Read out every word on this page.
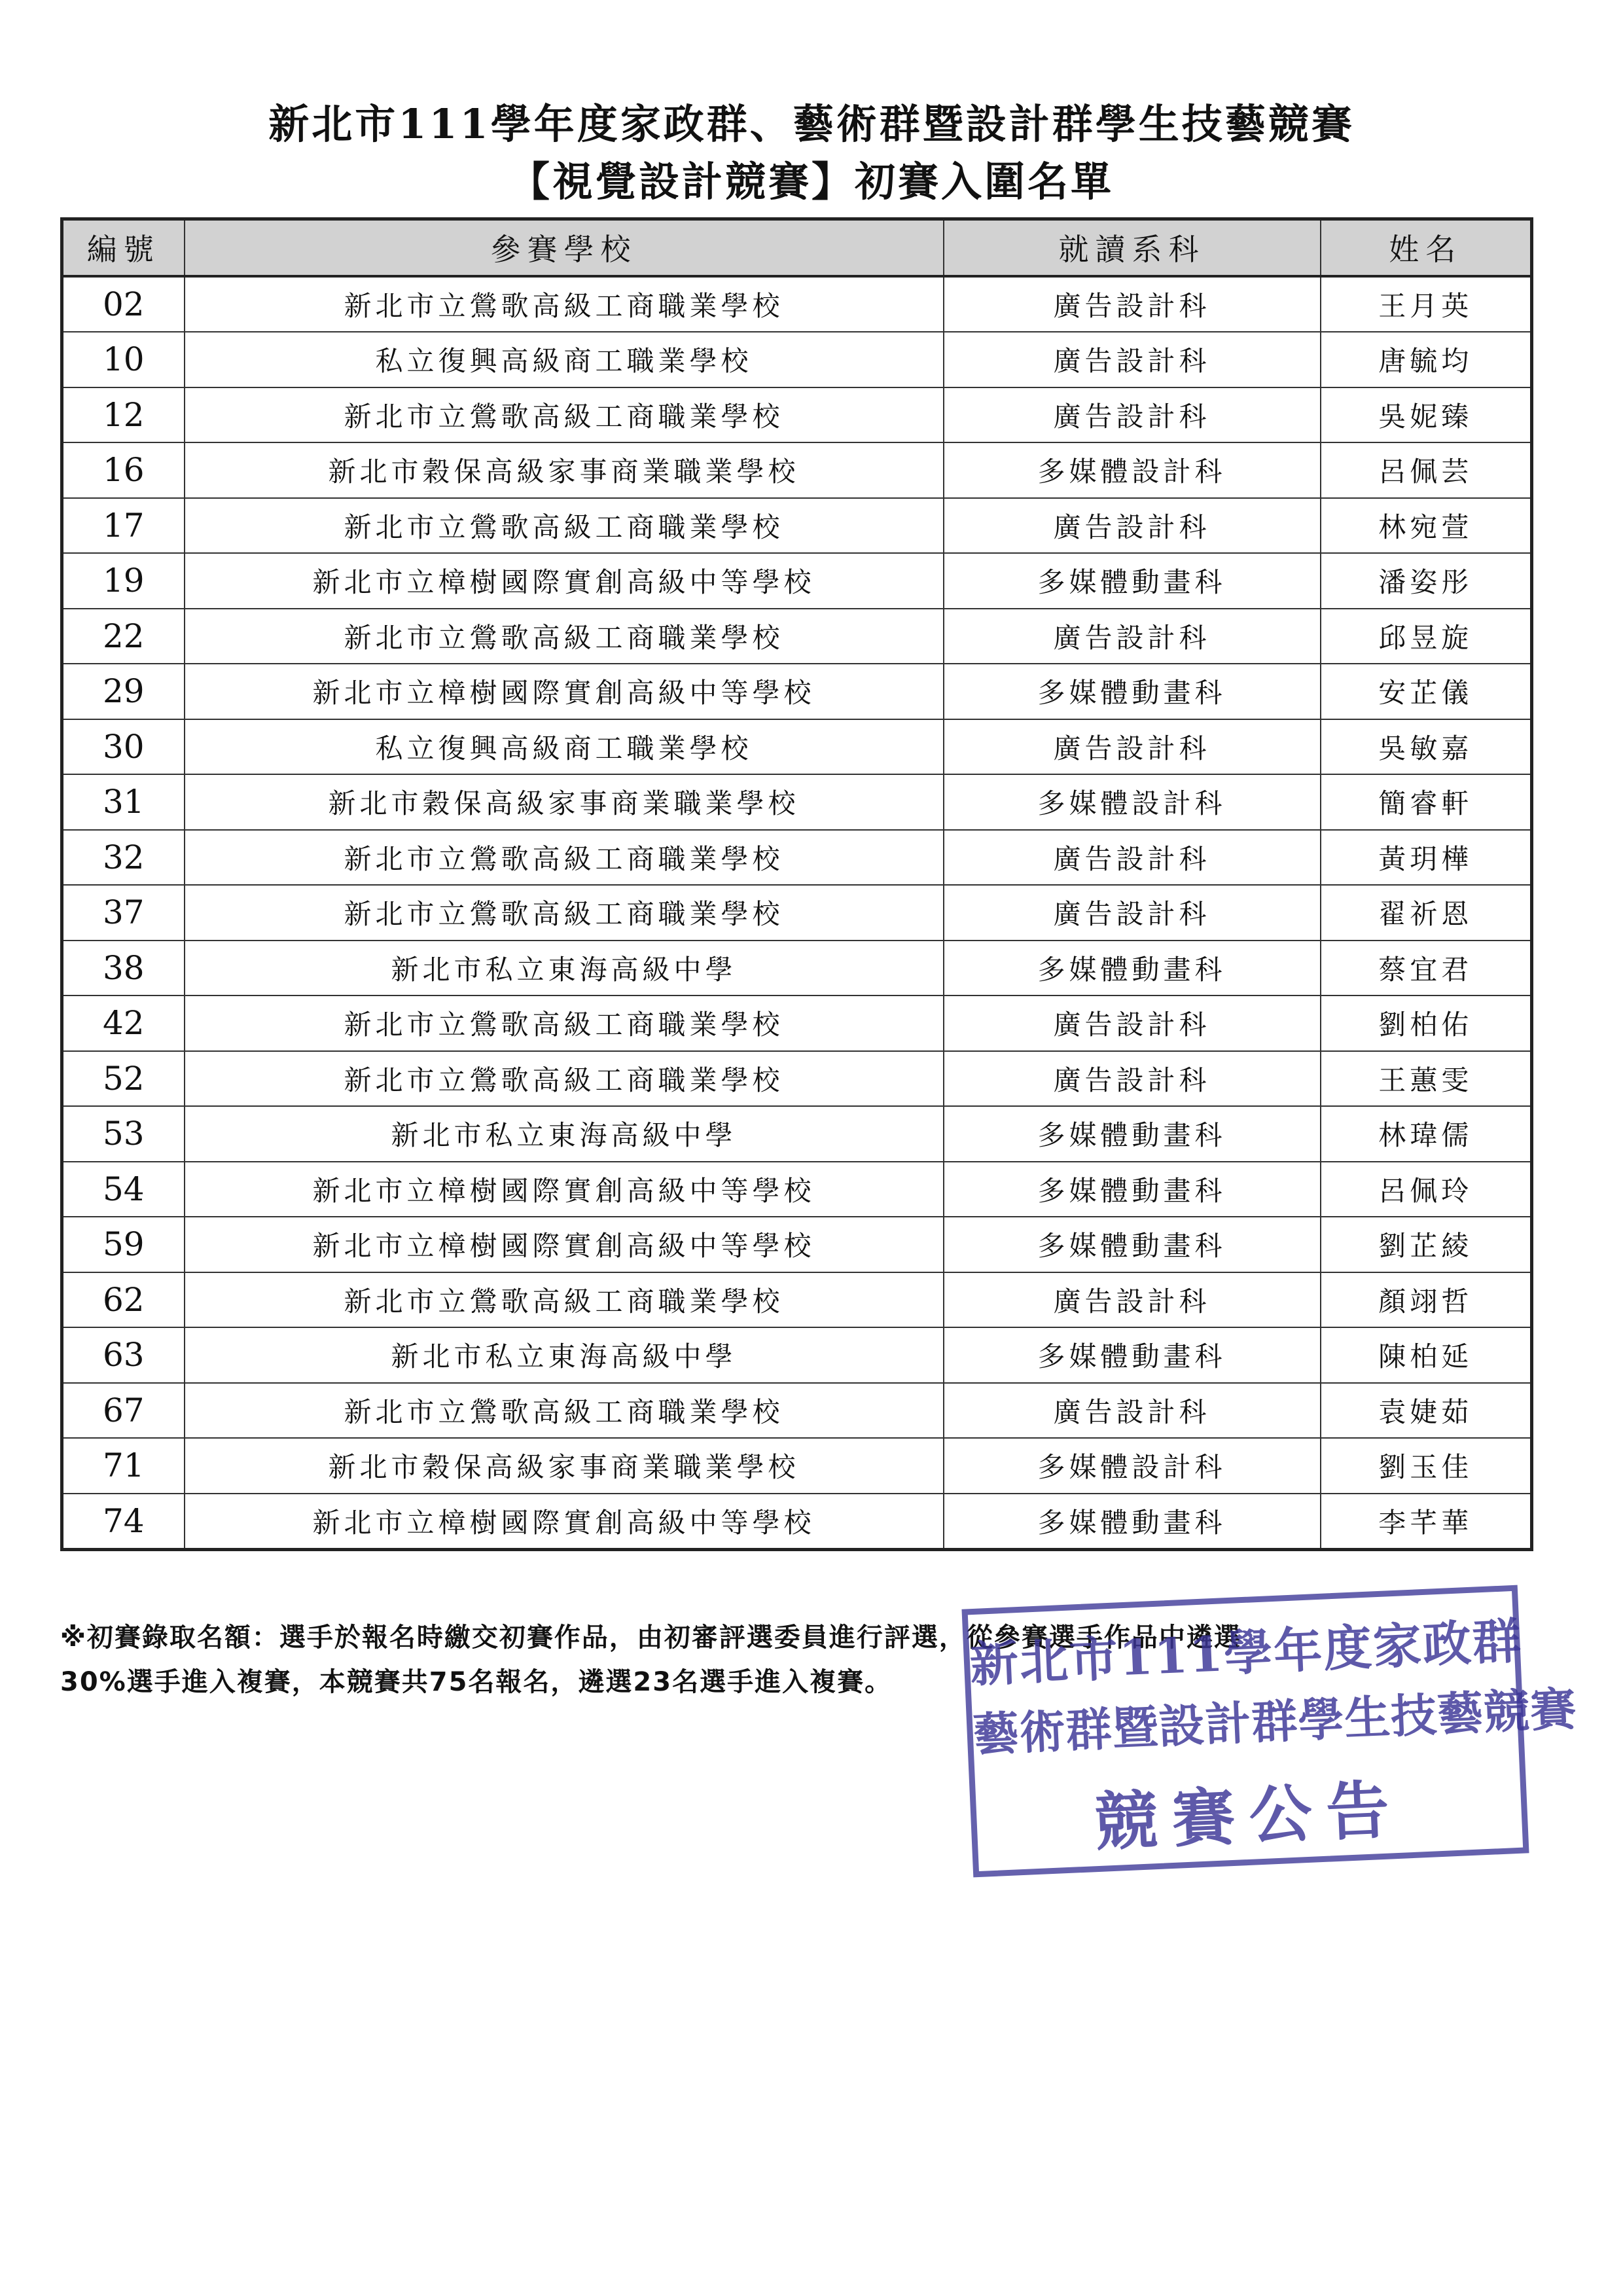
新北市111學年度家政群、藝術群暨設計群學生技藝競賽
【視覺設計競賽】初賽入圍名單
編號	參賽學校	就讀系科	姓名
02	新北市立鶯歌高級工商職業學校	廣告設計科	王月英
10	私立復興高級商工職業學校	廣告設計科	唐毓均
12	新北市立鶯歌高級工商職業學校	廣告設計科	吳妮臻
16	新北市穀保高級家事商業職業學校	多媒體設計科	呂佩芸
17	新北市立鶯歌高級工商職業學校	廣告設計科	林宛萱
19	新北市立樟樹國際實創高級中等學校	多媒體動畫科	潘姿彤
22	新北市立鶯歌高級工商職業學校	廣告設計科	邱昱旋
29	新北市立樟樹國際實創高級中等學校	多媒體動畫科	安芷儀
30	私立復興高級商工職業學校	廣告設計科	吳敏嘉
31	新北市穀保高級家事商業職業學校	多媒體設計科	簡睿軒
32	新北市立鶯歌高級工商職業學校	廣告設計科	黃玥樺
37	新北市立鶯歌高級工商職業學校	廣告設計科	翟祈恩
38	新北市私立東海高級中學	多媒體動畫科	蔡宜君
42	新北市立鶯歌高級工商職業學校	廣告設計科	劉柏佑
52	新北市立鶯歌高級工商職業學校	廣告設計科	王蕙雯
53	新北市私立東海高級中學	多媒體動畫科	林瑋儒
54	新北市立樟樹國際實創高級中等學校	多媒體動畫科	呂佩玲
59	新北市立樟樹國際實創高級中等學校	多媒體動畫科	劉芷綾
62	新北市立鶯歌高級工商職業學校	廣告設計科	顏翊哲
63	新北市私立東海高級中學	多媒體動畫科	陳柏延
67	新北市立鶯歌高級工商職業學校	廣告設計科	袁婕茹
71	新北市穀保高級家事商業職業學校	多媒體設計科	劉玉佳
74	新北市立樟樹國際實創高級中等學校	多媒體動畫科	李芊華
※初賽錄取名額：選手於報名時繳交初賽作品，由初審評選委員進行評選，從參賽選手作品中遴選
30%選手進入複賽，本競賽共75名報名，遴選23名選手進入複賽。	新北市111學年度家政群
藝術群暨設計群學生技藝競賽
競賽公告
